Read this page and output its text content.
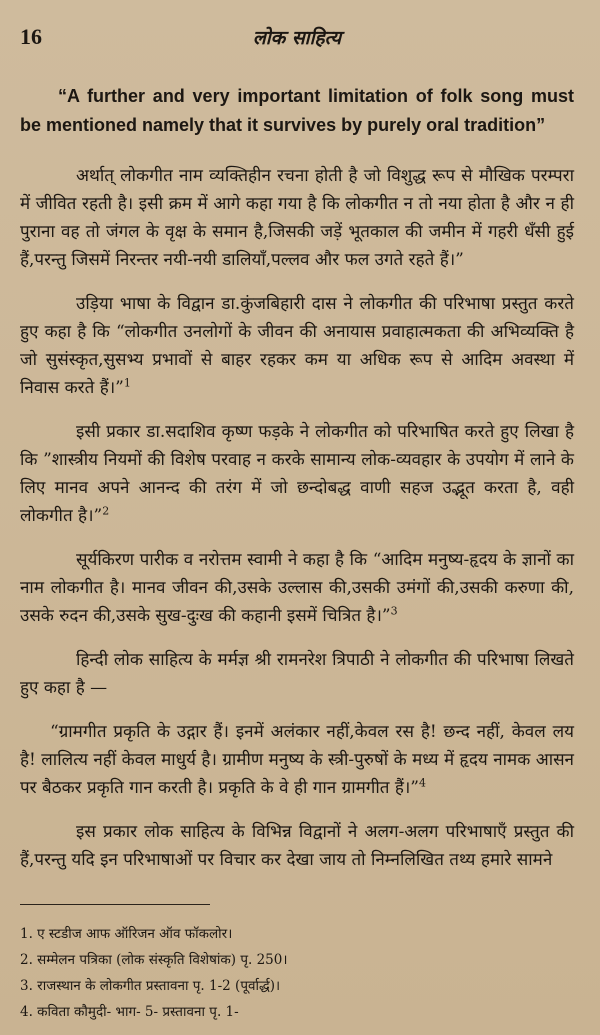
16	लोक साहित्य

“A further and very important limitation of folk song must be mentioned namely that it survives by purely oral tradition”

अर्थात् लोकगीत नाम व्यक्तिहीन रचना होती है जो विशुद्ध रूप से मौखिक परम्परा में जीवित रहती है। इसी क्रम में आगे कहा गया है कि लोकगीत न तो नया होता है और न ही पुराना वह तो जंगल के वृक्ष के समान है,जिसकी जड़ें भूतकाल की जमीन में गहरी धँसी हुई हैं,परन्तु जिसमें निरन्तर नयी-नयी डालियाँ,पल्लव और फल उगते रहते हैं।”

उड़िया भाषा के विद्वान डा.कुंजबिहारी दास ने लोकगीत की परिभाषा प्रस्तुत करते हुए कहा है कि “लोकगीत उनलोगों के जीवन की अनायास प्रवाहात्मकता की अभिव्यक्ति है जो सुसंस्कृत,सुसभ्य प्रभावों से बाहर रहकर कम या अधिक रूप से आदिम अवस्था में निवास करते हैं।”$^1$

इसी प्रकार डा.सदाशिव कृष्ण फड़के ने लोकगीत को परिभाषित करते हुए लिखा है कि ”शास्त्रीय नियमों की विशेष परवाह न करके सामान्य लोक-व्यवहार के उपयोग में लाने के लिए मानव अपने आनन्द की तरंग में जो छन्दोबद्ध वाणी सहज उद्भूत करता है, वही लोकगीत है।”$^2$

सूर्यकिरण पारीक व नरोत्तम स्वामी ने कहा है कि “आदिम मनुष्य-हृदय के ज्ञानों का नाम लोकगीत है। मानव जीवन की,उसके उल्लास की,उसकी उमंगों की,उसकी करुणा की, उसके रुदन की,उसके सुख-दुःख की कहानी इसमें चित्रित है।”$^3$

हिन्दी लोक साहित्य के मर्मज्ञ श्री रामनरेश त्रिपाठी ने लोकगीत की परिभाषा लिखते हुए कहा है —

“ग्रामगीत प्रकृति के उद्गार हैं। इनमें अलंकार नहीं,केवल रस है! छन्द नहीं, केवल लय है! लालित्य नहीं केवल माधुर्य है। ग्रामीण मनुष्य के स्त्री-पुरुषों के मध्य में हृदय नामक आसन पर बैठकर प्रकृति गान करती है। प्रकृति के वे ही गान ग्रामगीत हैं।”$^4$

इस प्रकार लोक साहित्य के विभिन्न विद्वानों ने अलग-अलग परिभाषाएँ प्रस्तुत की हैं,परन्तु यदि इन परिभाषाओं पर विचार कर देखा जाय तो निम्नलिखित तथ्य हमारे सामने

1. ए स्टडीज आफ ऑरिजन ऑव फॉकलोर।
2. सम्मेलन पत्रिका (लोक संस्कृति विशेषांक) पृ. 250।
3. राजस्थान के लोकगीत प्रस्तावना पृ. 1-2 (पूर्वार्द्ध)।
4. कविता कौमुदी- भाग- 5- प्रस्तावना पृ. 1-
